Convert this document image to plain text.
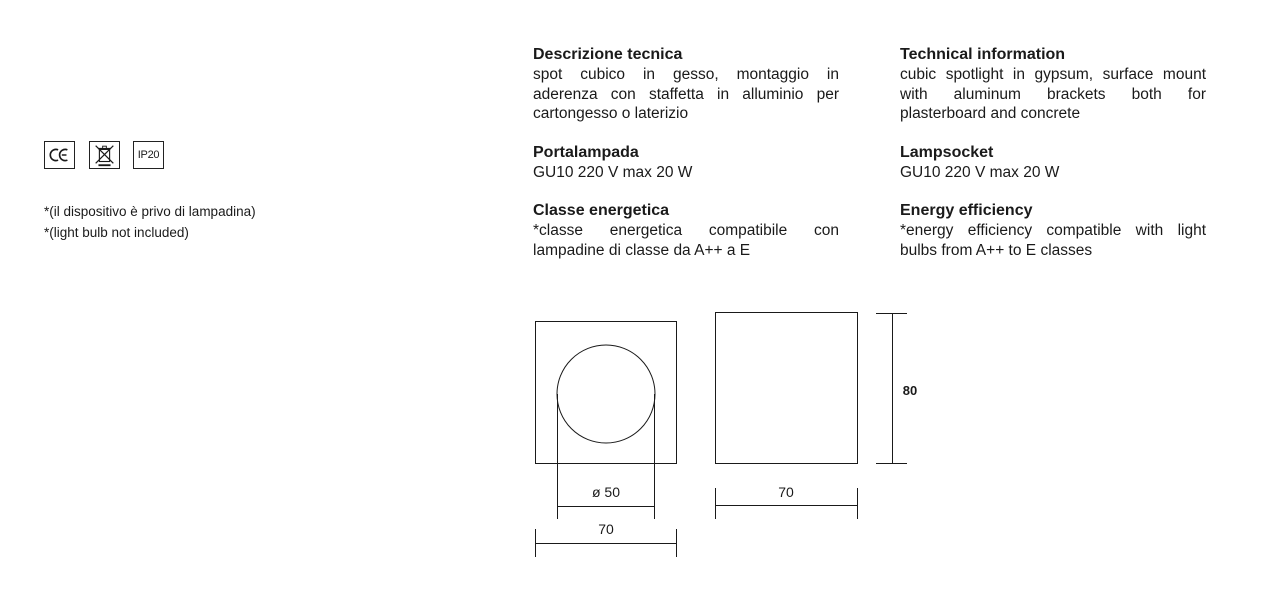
IP20
*(il dispositivo è privo di lampadina)
*(light bulb not included)
Descrizione tecnica
spot cubico in gesso, montaggio in aderenza con staffetta in alluminio per cartongesso o laterizio
Portalampada
GU10 220 V max 20 W
Classe energetica
*classe energetica compatibile con lampadine di classe da A++ a E
Technical information
cubic spotlight in gypsum, surface mount with aluminum brackets both for plasterboard and concrete
Lampsocket
GU10 220 V max 20 W
Energy efficiency
*energy efficiency compatible with light bulbs from A++ to E classes
ø 50
70
70
80
